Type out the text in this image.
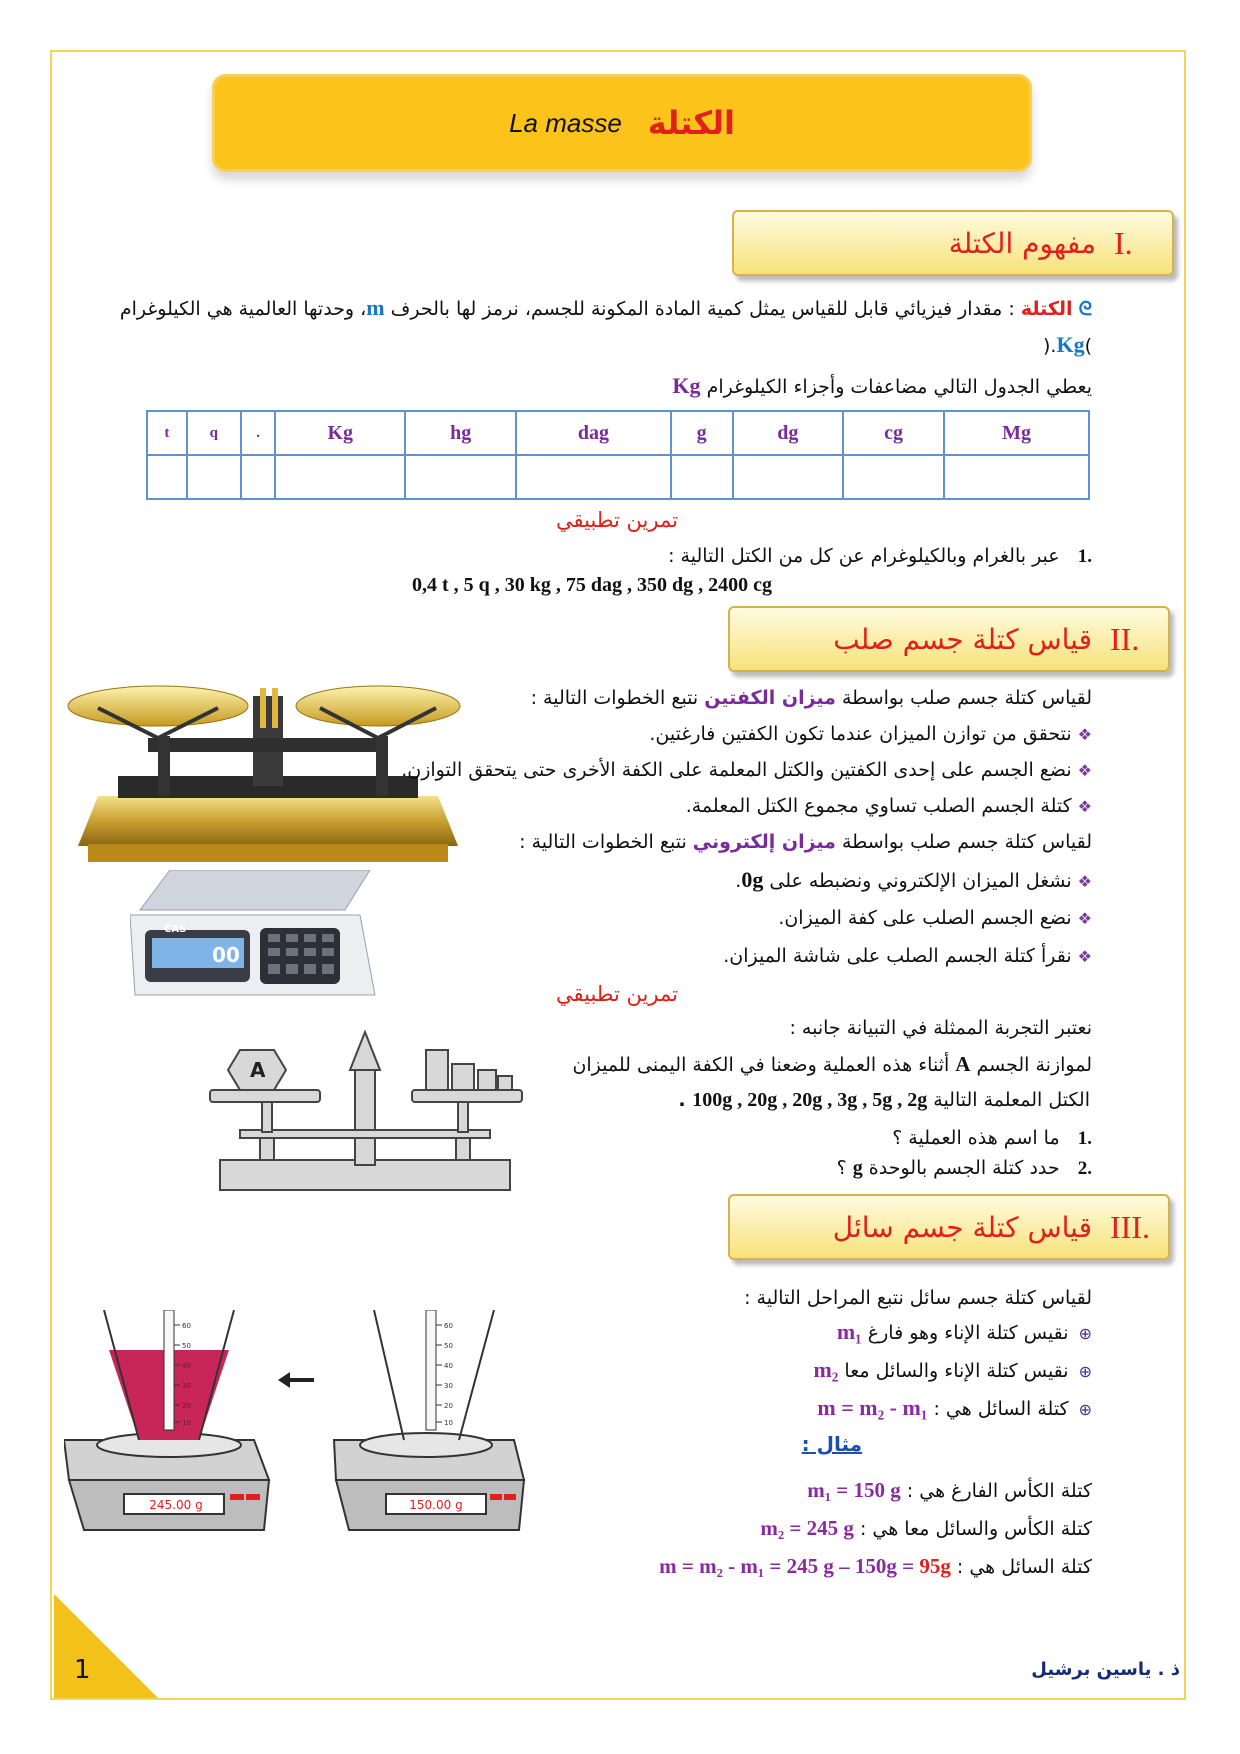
La masse الكتلة
مفهوم الكتلة I.
ᘓ الكتلة : مقدار فيزيائي قابل للقياس يمثل كمية المادة المكونة للجسم، نرمز لها بالحرف m، وحدتها العالمية هي الكيلوغرام
)Kg.(
يعطي الجدول التالي مضاعفات وأجزاء الكيلوغرام Kg
t	q	.	Kg	hg	dag	g	dg	cg	Mg

تمرين تطبيقي
.1   عبر بالغرام وبالكيلوغرام عن كل من الكتل التالية :
0,4 t , 5 q , 30 kg , 75 dag , 350 dg , 2400 cg
قياس كتلة جسم صلب II.
لقياس كتلة جسم صلب بواسطة ميزان الكفتين نتبع الخطوات التالية :
❖نتحقق من توازن الميزان عندما تكون الكفتين فارغتين.
❖نضع الجسم على إحدى الكفتين والكتل المعلمة على الكفة الأخرى حتى يتحقق التوازن.
❖كتلة الجسم الصلب تساوي مجموع الكتل المعلمة.
لقياس كتلة جسم صلب بواسطة ميزان إلكتروني نتبع الخطوات التالية :
❖نشغل الميزان الإلكتروني ونضبطه على 0g.
❖نضع الجسم الصلب على كفة الميزان.
❖نقرأ كتلة الجسم الصلب على شاشة الميزان.
CAS
00
تمرين تطبيقي
نعتبر التجربة الممثلة في التبيانة جانبه :
لموازنة الجسم A أثناء هذه العملية وضعنا في الكفة اليمنى للميزان
الكتل المعلمة التالية 100g , 20g , 20g , 3g , 5g , 2g .
.1   ما اسم هذه العملية ؟
.2   حدد كتلة الجسم بالوحدة g ؟
A
قياس كتلة جسم سائل III.
لقياس كتلة جسم سائل نتبع المراحل التالية :
⊕نقيس كتلة الإناء وهو فارغ m₁
⊕نقيس كتلة الإناء والسائل معا m₂
⊕كتلة السائل هي : m = m₂ - m₁
مثال :
كتلة الكأس الفارغ هي : m₁ = 150 g
كتلة الكأس والسائل معا هي : m₂ = 245 g
كتلة السائل هي : m = m₂ - m₁ = 245 g – 150g = 95g
245.00 g
60
50
40
30
20
10
150.00 g
60
50
40
30
20
10
1	ذ . ياسين برشيل
